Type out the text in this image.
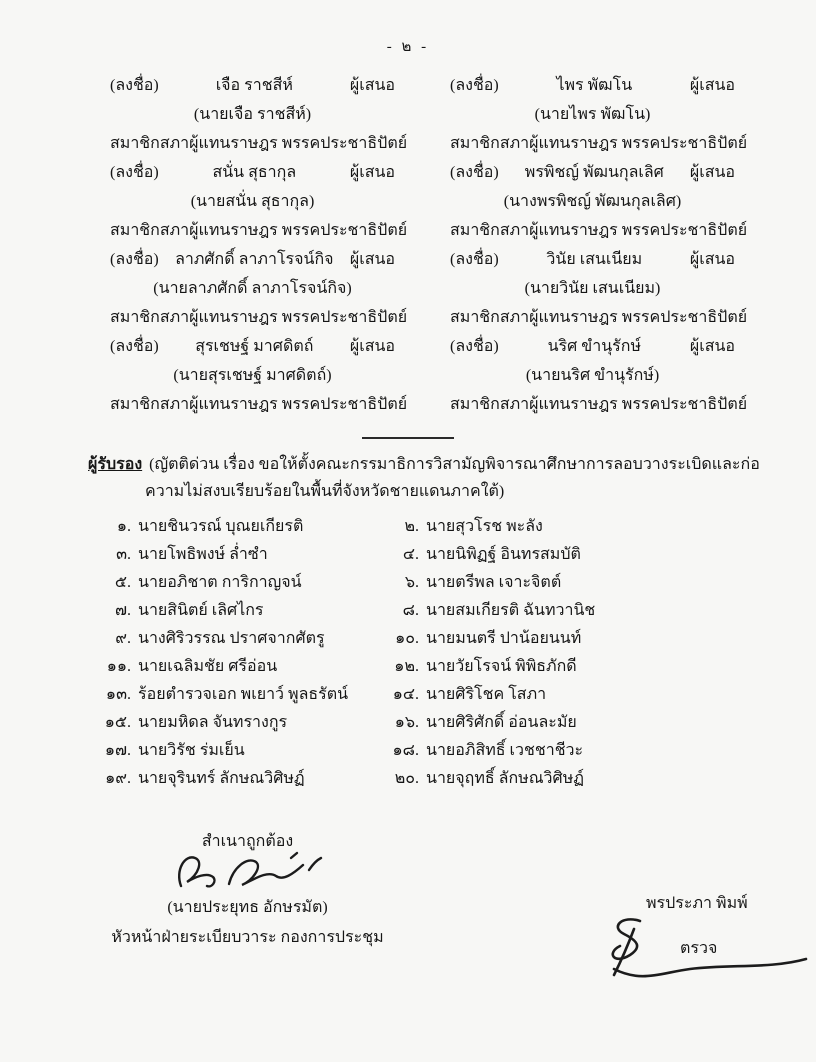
- ๒ -
(ลงชื่อ)	เจือ ราชสีห์	ผู้เสนอ
(นายเจือ ราชสีห์)
สมาชิกสภาผู้แทนราษฎร พรรคประชาธิปัตย์
(ลงชื่อ)	ไพร พัฒโน	ผู้เสนอ
(นายไพร พัฒโน)
สมาชิกสภาผู้แทนราษฎร พรรคประชาธิปัตย์
(ลงชื่อ)	สนั่น สุธากุล	ผู้เสนอ
(นายสนั่น สุธากุล)
สมาชิกสภาผู้แทนราษฎร พรรคประชาธิปัตย์
(ลงชื่อ)	พรพิชญ์ พัฒนกุลเลิศ	ผู้เสนอ
(นางพรพิชญ์ พัฒนกุลเลิศ)
สมาชิกสภาผู้แทนราษฎร พรรคประชาธิปัตย์
(ลงชื่อ)	ลาภศักดิ์ ลาภาโรจน์กิจ	ผู้เสนอ
(นายลาภศักดิ์ ลาภาโรจน์กิจ)
สมาชิกสภาผู้แทนราษฎร พรรคประชาธิปัตย์
(ลงชื่อ)	วินัย เสนเนียม	ผู้เสนอ
(นายวินัย เสนเนียม)
สมาชิกสภาผู้แทนราษฎร พรรคประชาธิปัตย์
(ลงชื่อ)	สุรเชษฐ์ มาศดิตถ์	ผู้เสนอ
(นายสุรเชษฐ์ มาศดิตถ์)
สมาชิกสภาผู้แทนราษฎร พรรคประชาธิปัตย์
(ลงชื่อ)	นริศ ขำนุรักษ์	ผู้เสนอ
(นายนริศ ขำนุรักษ์)
สมาชิกสภาผู้แทนราษฎร พรรคประชาธิปัตย์
ผู้รับรอง (ญัตติด่วน เรื่อง ขอให้ตั้งคณะกรรมาธิการวิสามัญพิจารณาศึกษาการลอบวางระเบิดและก่อ
ความไม่สงบเรียบร้อยในพื้นที่จังหวัดชายแดนภาคใต้)
๑. นายชินวรณ์ บุณยเกียรติ	๒. นายสุวโรช พะลัง
๓. นายโพธิพงษ์ ล่ำซำ	๔. นายนิพิฏฐ์ อินทรสมบัติ
๕. นายอภิชาต การิกาญจน์	๖. นายตรีพล เจาะจิตต์
๗. นายสินิตย์ เลิศไกร	๘. นายสมเกียรติ ฉันทวานิช
๙. นางศิริวรรณ ปราศจากศัตรู	๑๐. นายมนตรี ปาน้อยนนท์
๑๑. นายเฉลิมชัย ศรีอ่อน	๑๒. นายวัยโรจน์ พิพิธภักดี
๑๓. ร้อยตำรวจเอก พเยาว์ พูลธรัตน์	๑๔. นายศิริโชค โสภา
๑๕. นายมหิดล จันทรางกูร	๑๖. นายศิริศักดิ์ อ่อนละมัย
๑๗. นายวิรัช ร่มเย็น	๑๘. นายอภิสิทธิ์ เวชชาชีวะ
๑๙. นายจุรินทร์ ลักษณวิศิษฏ์	๒๐. นายจุฤทธิ์ ลักษณวิศิษฏ์
สำเนาถูกต้อง
(นายประยุทธ อักษรมัต)
หัวหน้าฝ่ายระเบียบวาระ กองการประชุม
พรประภา พิมพ์
ตรวจ
